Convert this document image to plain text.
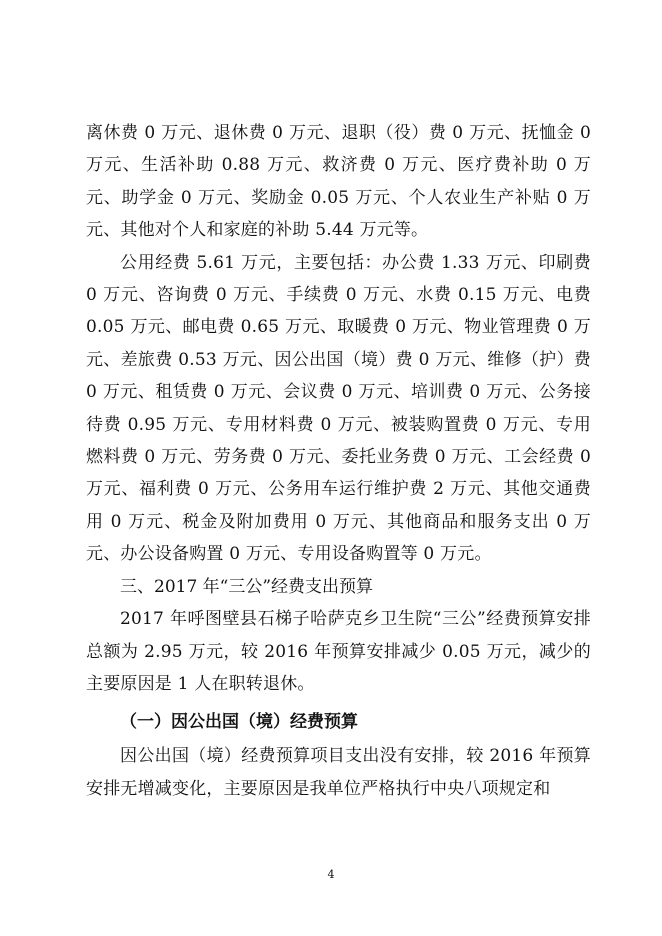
离休费 0 万元、退休费 0 万元、退职（役）费 0 万元、抚恤金 0 万元、生活补助 0.88 万元、救济费 0 万元、医疗费补助 0 万元、助学金 0 万元、奖励金 0.05 万元、个人农业生产补贴 0 万元、其他对个人和家庭的补助 5.44 万元等。

公用经费 5.61 万元，主要包括：办公费 1.33 万元、印刷费 0 万元、咨询费 0 万元、手续费 0 万元、水费 0.15 万元、电费 0.05 万元、邮电费 0.65 万元、取暖费 0 万元、物业管理费 0 万元、差旅费 0.53 万元、因公出国（境）费 0 万元、维修（护）费 0 万元、租赁费 0 万元、会议费 0 万元、培训费 0 万元、公务接待费 0.95 万元、专用材料费 0 万元、被装购置费 0 万元、专用燃料费 0 万元、劳务费 0 万元、委托业务费 0 万元、工会经费 0 万元、福利费 0 万元、公务用车运行维护费 2 万元、其他交通费用 0 万元、税金及附加费用 0 万元、其他商品和服务支出 0 万元、办公设备购置 0 万元、专用设备购置等 0 万元。

三、2017 年“三公”经费支出预算

2017 年呼图壁县石梯子哈萨克乡卫生院“三公”经费预算安排总额为 2.95 万元，较 2016 年预算安排减少 0.05 万元，减少的主要原因是 1 人在职转退休。

（一）因公出国（境）经费预算

因公出国（境）经费预算项目支出没有安排，较 2016 年预算安排无增减变化，主要原因是我单位严格执行中央八项规定和

4
